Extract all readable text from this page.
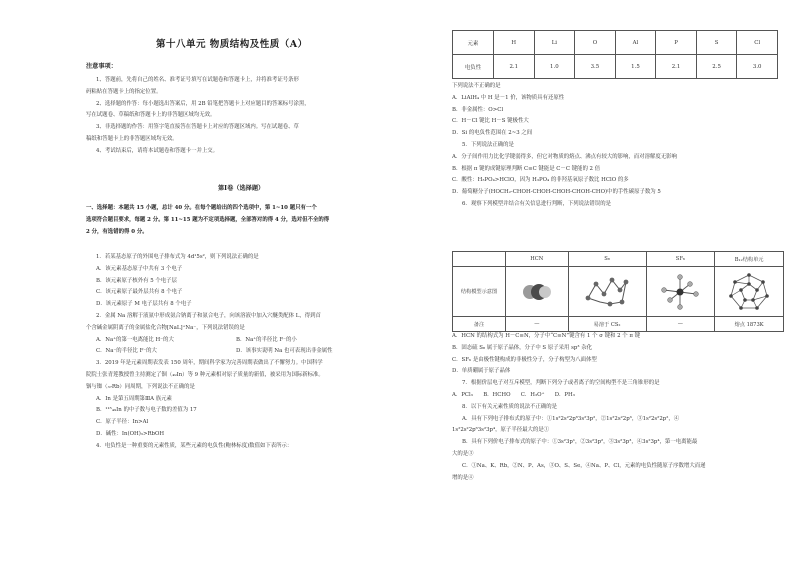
第十八单元 物质结构及性质（A）
注意事项：
1、答题前，先将自己的姓名、准考证号填写在试题卷和答题卡上，并将准考证号条形
码粘贴在答题卡上的指定位置。
2、选择题的作答：每小题选出答案后，用 2B 铅笔把答题卡上对应题目的答案标号涂黑，
写在试题卷、草稿纸和答题卡上的非答题区域均无效。
3、非选择题的作答：用签字笔直接答在答题卡上对应的答题区域内。写在试题卷、草
稿纸和答题卡上的非答题区域均无效。
4、考试结束后，请将本试题卷和答题卡一并上交。
第Ⅰ卷（选择题）
一、选择题：本题共 15 小题，总计 40 分。在每个题给出的四个选项中，第 1~10 题只有一个
选项符合题目要求，每题 2 分。第 11~15 题为不定项选择题，全部答对的得 4 分，选对但不全的得
2 分，有选错的得 0 分。
1．若某基态原子的外围电子排布式为 4d¹5s²，则下列说法正确的是
A．该元素基态原子中共有 3 个电子
B．该元素原子核外有 5 个电子层
C．该元素原子最外层共有 8 个电子
D．该元素原子 M 电子层共有 8 个电子
2．金属 Na 溶解于液氨中形成氨合钠离子和氨合电子，向该溶液中加入穴醚类配体 L，得到首
个含碱金属阴离子的金属盐化合物[NaL]⁺Na⁻，下列说法错误的是
A．Na⁺的第一电离能比 H⁻的大
C．Na⁻的半径比 F⁻的大
3．2019 年是元素周期表发表 150 周年，期间科学家为完善周期表做出了不懈努力。中国科学
院院士张青莲教授曾主持测定了铟（₄₉In）等 9 种元素相对原子质量的新值，被采用为国际新标准。
铟与铷（₃₇Rb）同周期，下列说法不正确的是
A．In 是第五周期第ⅢA 族元素
B．¹¹⁵₄₉In 的中子数与电子数的差值为 17
C．原子半径：In>Al
D．碱性：In(OH)₃>RbOH
4．电负性是一种重要的元素性质，某些元素的电负性(鲍林标度)数值如下表所示：
B．Na⁺的半径比 F⁻的小
D．该事实说明 Na 也可表现出非金属性
元素	H	Li	O	Al	P	S	Cl
电负性	2.1	1.0	3.5	1.5	2.1	2.5	3.0
下列说法不正确的是
A．LiAlH₄ 中 H 是－1 价，该物质具有还原性
B．非金属性：O>Cl
C．H－Cl 键比 H－S 键极性大
D．Si 的电负性范围在 2~3 之间
5．下列说法正确的是
A．分子间作用力比化学键弱得多，但它对物质的熔点、沸点有较大的影响，而对溶解度无影响
B．根据 π 键的成键原理判断 C≡C 键能是 C－C 键能的 2 倍
C．酸性：H₃PO₄>HClO，因为 H₃PO₄ 的非羟基氧原子数比 HClO 的多
D．葡萄糖分子(HOCH₂-CHOH-CHOH-CHOH-CHOH-CHO)中的手性碳原子数为 5
6．观察下列模型并结合有关信息进行判断，下列说法错误的是
	HCN	S₈	SF₆	B₁₂结构单元
结构模型示意图	

备注	—	易溶于 CS₂	—	熔点 1873K
A．HCN 的结构式为 H－C≡N，分子中“C≡N”键含有 1 个 σ 键和 2 个 π 键
B．固态硫 S₈ 属于原子晶体，分子中 S 原子采用 sp³ 杂化
C．SF₆ 是由极性键构成的非极性分子，分子构型为八面体型
D．单质硼属于原子晶体
7．根据价层电子对互斥模型，判断下列分子或者离子的空间构型不是三角锥形的是
A．PCl₃      B．HCHO      C．H₃O⁺      D．PH₃
8．以下有关元素性质的说法不正确的是
A．具有下列电子排布式的原子中：①1s²2s²2p⁶3s²3p²，②1s²2s²2p³，③1s²2s²2p²，④
1s²2s²2p⁶3s²3p⁴，原子半径最大的是①
B．具有下列价电子排布式的原子中：①3s²3p¹，②3s²3p²，③3s²3p³，④3s²3p⁴，第一电离能最
大的是③
C．①Na、K、Rb，②N、P、As，③O、S、Se，④Na、P、Cl，元素的电负性随原子序数增大而递
增的是④
